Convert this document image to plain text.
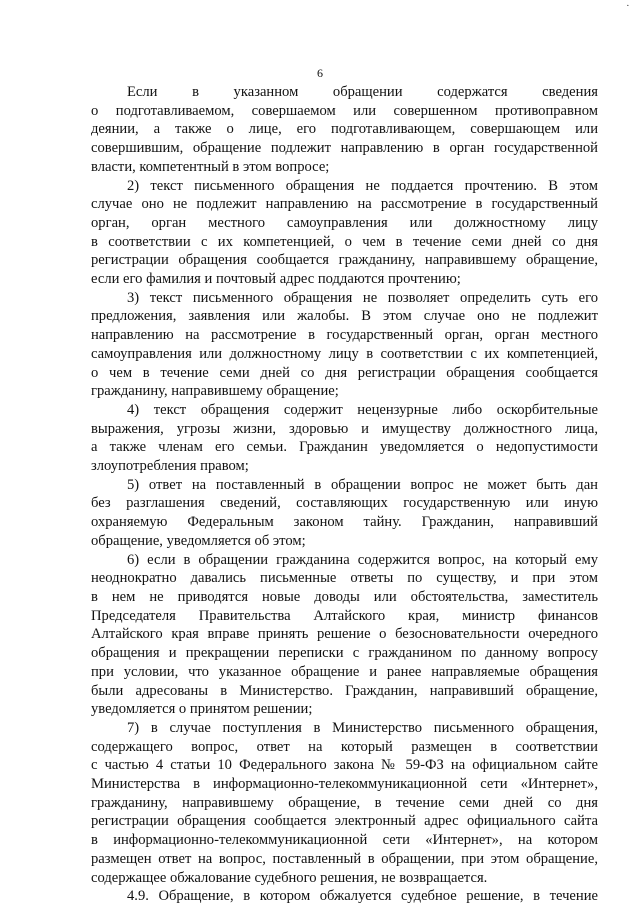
·
6
Если в указанном обращении содержатся сведения
о подготавливаемом, совершаемом или совершенном противоправном
деянии, а также о лице, его подготавливающем, совершающем или
совершившим, обращение подлежит направлению в орган государственной
власти, компетентный в этом вопросе;
2) текст письменного обращения не поддается прочтению. В этом
случае оно не подлежит направлению на рассмотрение в государственный
орган, орган местного самоуправления или должностному лицу
в соответствии с их компетенцией, о чем в течение семи дней со дня
регистрации обращения сообщается гражданину, направившему обращение,
если его фамилия и почтовый адрес поддаются прочтению;
3) текст письменного обращения не позволяет определить суть его
предложения, заявления или жалобы. В этом случае оно не подлежит
направлению на рассмотрение в государственный орган, орган местного
самоуправления или должностному лицу в соответствии с их компетенцией,
о чем в течение семи дней со дня регистрации обращения сообщается
гражданину, направившему обращение;
4) текст обращения содержит нецензурные либо оскорбительные
выражения, угрозы жизни, здоровью и имуществу должностного лица,
а также членам его семьи. Гражданин уведомляется о недопустимости
злоупотребления правом;
5) ответ на поставленный в обращении вопрос не может быть дан
без разглашения сведений, составляющих государственную или иную
охраняемую Федеральным законом тайну. Гражданин, направивший
обращение, уведомляется об этом;
6) если в обращении гражданина содержится вопрос, на который ему
неоднократно давались письменные ответы по существу, и при этом
в нем не приводятся новые доводы или обстоятельства, заместитель
Председателя Правительства Алтайского края, министр финансов
Алтайского края вправе принять решение о безосновательности очередного
обращения и прекращении переписки с гражданином по данному вопросу
при условии, что указанное обращение и ранее направляемые обращения
были адресованы в Министерство. Гражданин, направивший обращение,
уведомляется о принятом решении;
7) в случае поступления в Министерство письменного обращения,
содержащего вопрос, ответ на который размещен в соответствии
с частью 4 статьи 10 Федерального закона № 59-ФЗ на официальном сайте
Министерства в информационно-телекоммуникационной сети «Интернет»,
гражданину, направившему обращение, в течение семи дней со дня
регистрации обращения сообщается электронный адрес официального сайта
в информационно-телекоммуникационной сети «Интернет», на котором
размещен ответ на вопрос, поставленный в обращении, при этом обращение,
содержащее обжалование судебного решения, не возвращается.
4.9. Обращение, в котором обжалуется судебное решение, в течение
